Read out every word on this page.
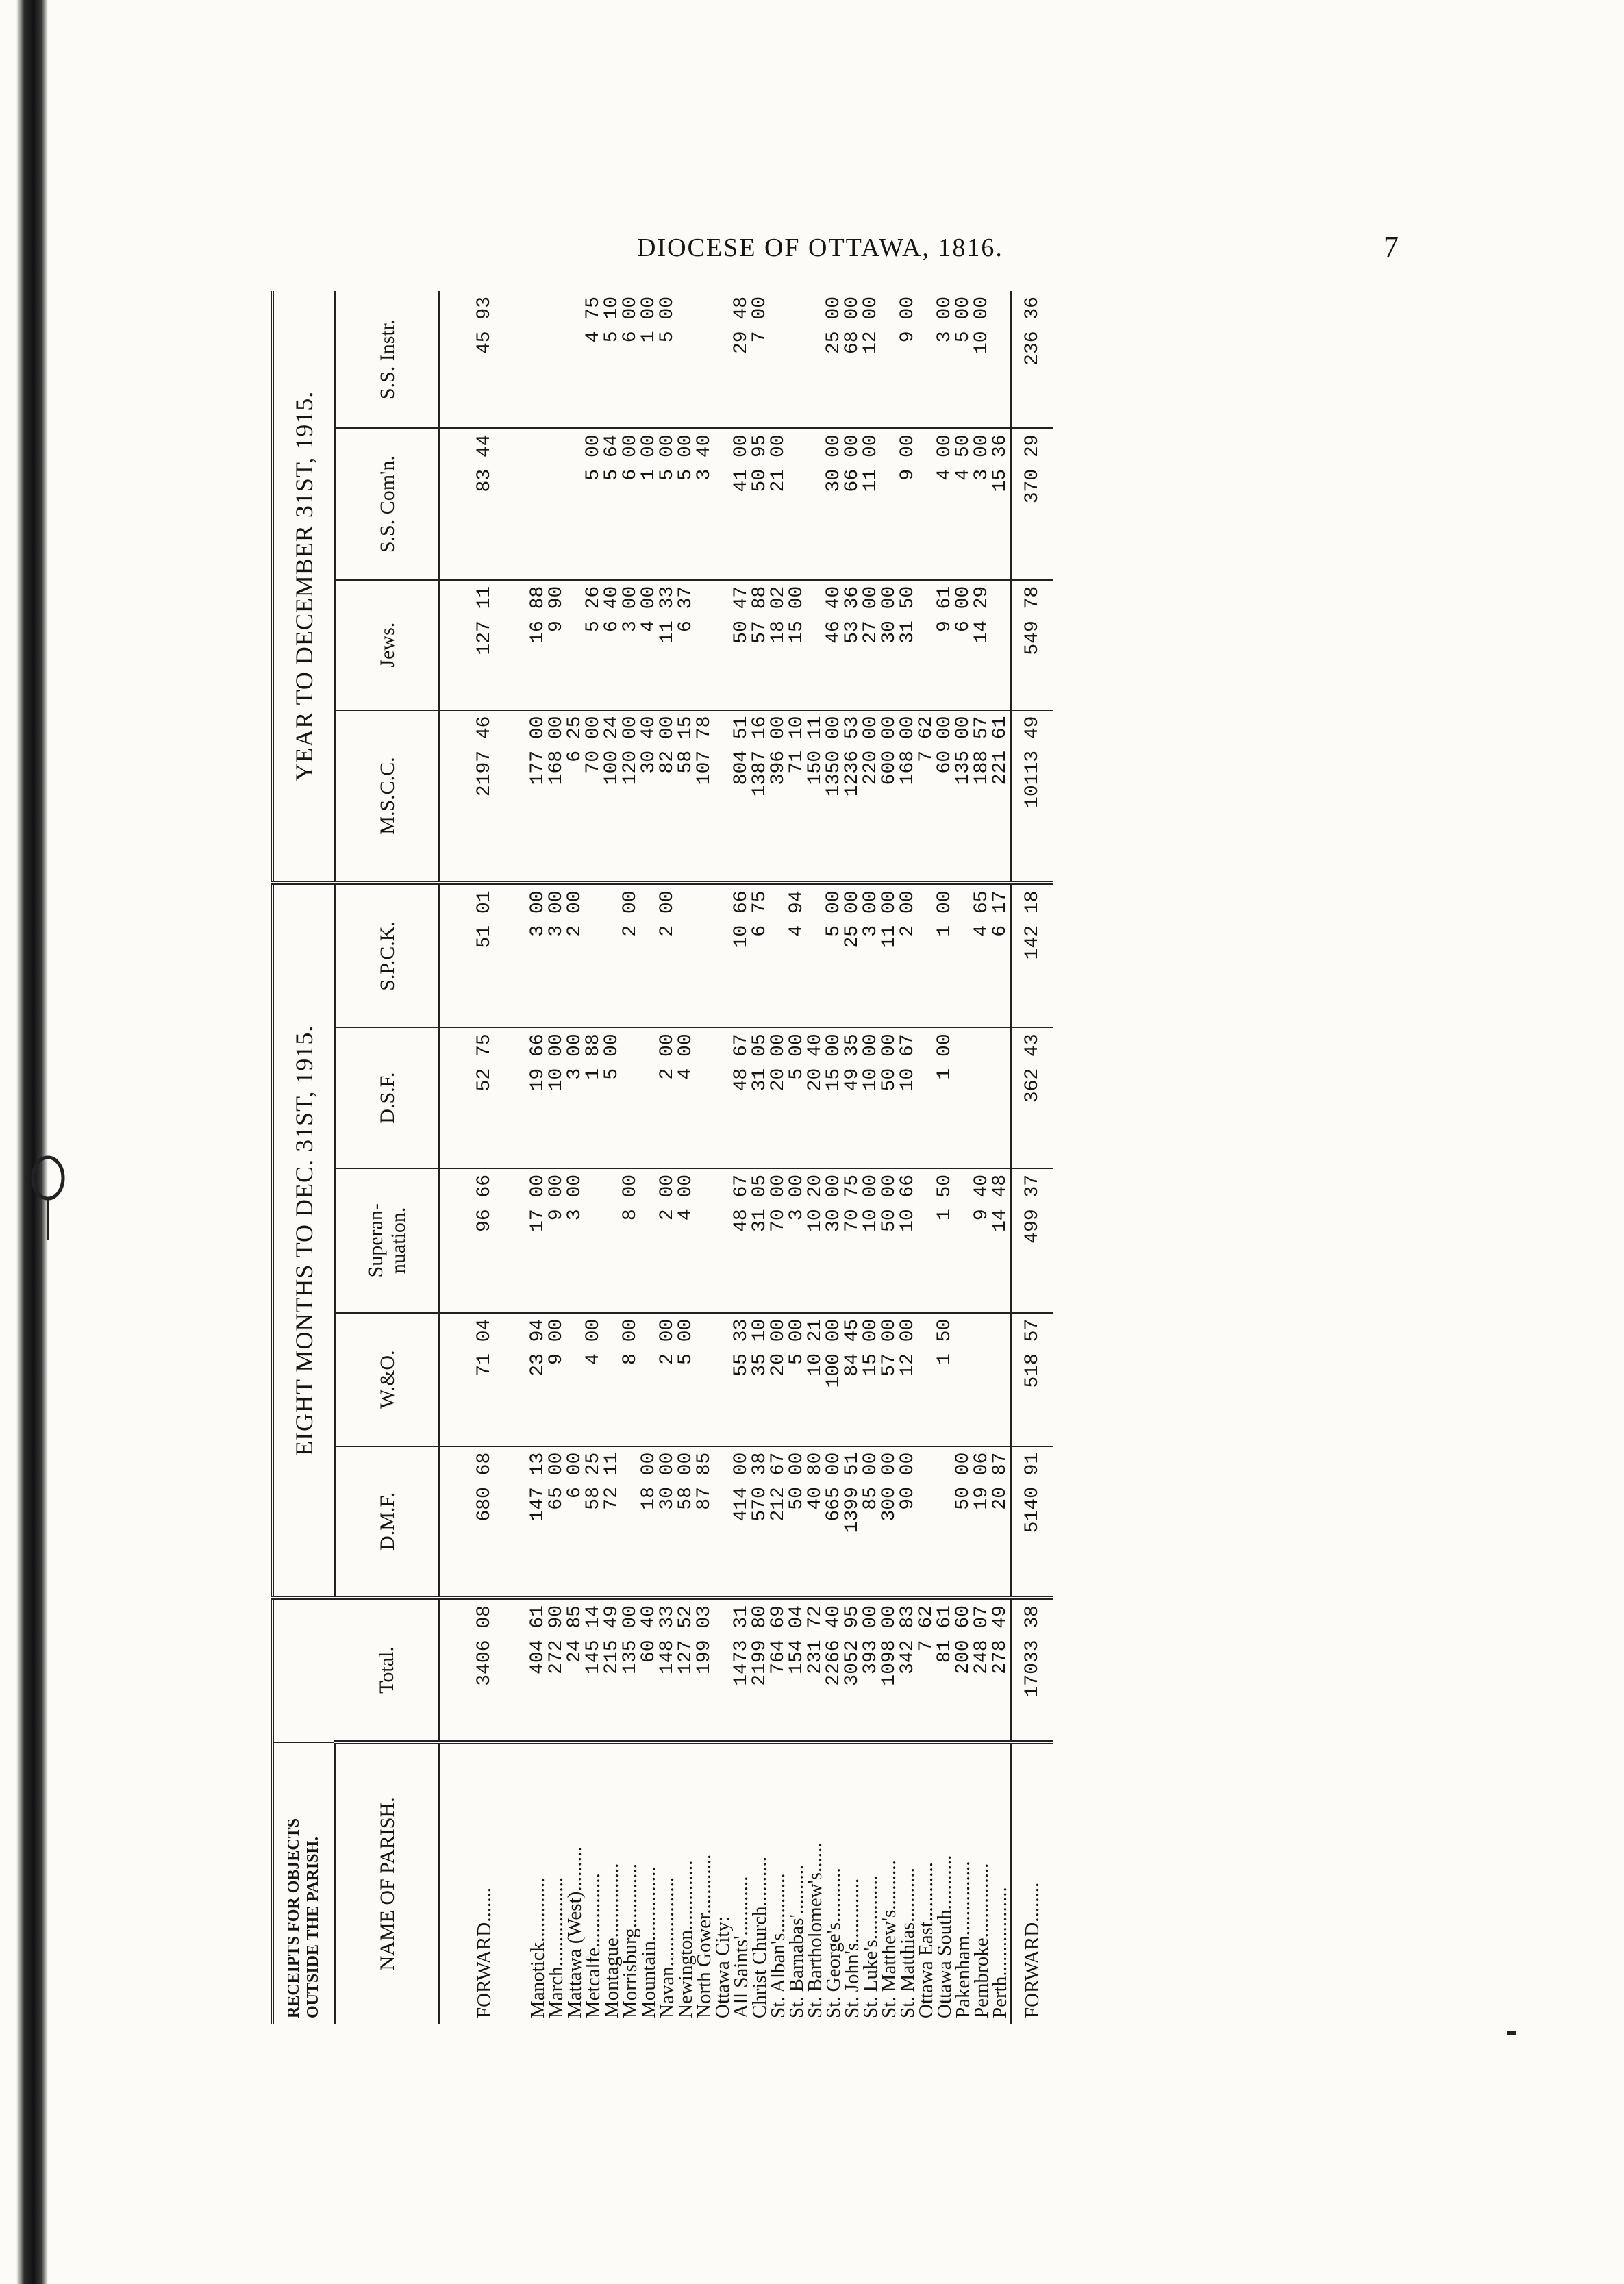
DIOCESE OF OTTAWA, 1816.	7
RECEIPTS FOR OBJECTS OUTSIDE THE PARISH.		EIGHT MONTHS TO DEC. 31ST, 1915.					YEAR TO DECEMBER 31ST, 1915.			
NAME OF PARISH.	Total.	D.M.F.	W.&O.	Superan-nuation.	D.S.F.	S.P.C.K.	M.S.C.C.	Jews.	S.S. Com'n.	S.S. Instr.
FORWARD.......	3406 08	680 68	71 04	96 66	52 75	51 01	2197 46	127 11	83 44	45 93
Manotick.............	404 61	147 13	23 94	17 00	19 66	3 00	177 00	16 88		
March..................	272 90	65 00	9 00	9 00	10 00	3 00	168 00	9 90		
Mattawa (West).........	24 85	6 00		3 00	3 00	2 00	6 25			
Metcalfe...............	145 14	58 25	4 00		1 88		70 00	5 26	5 00	4 75
Montague...............	215 49	72 11			5 00		100 24	6 40	5 64	5 10
Morrisburg.............	135 00		8 00	8 00		2 00	120 00	3 00	6 00	6 00
Mountain...............	60 40	18 00					30 40	4 00	1 00	1 00
Navan..................	148 33	30 00	2 00	2 00	2 00	2 00	82 00	11 33	5 00	5 00
Newington..............	127 52	58 00	5 00	4 00	4 00		58 15	6 37	5 00	
North Gower............	199 03	87 85					107 78		3 40	
Ottawa City:										
All Saints'............	1473 31	414 00	55 33	48 67	48 67	10 66	804 51	50 47	41 00	29 48
Christ Church..........	2199 80	570 38	35 10	31 05	31 05	6 75	1387 16	57 88	50 95	7 00
St. Alban's............	764 69	212 67	20 00	70 00	20 00		396 00	18 02	21 00	
St. Barnabas'..........	154 04	50 00	5 00	3 00	5 00	4 94	71 10	15 00		
St. Bartholomew's......	231 72	40 80	10 21	10 20	20 40		150 11			
St. George's...........	2266 40	665 00	100 00	30 00	15 00	5 00	1350 00	46 40	30 00	25 00
St. John's.............	3052 95	1399 51	84 45	70 75	49 35	25 00	1236 53	53 36	66 00	68 00
St. Luke's.............	393 00	85 00	15 00	10 00	10 00	3 00	220 00	27 00	11 00	12 00
St. Matthew's..........	1098 00	300 00	57 00	50 00	50 00	11 00	600 00	30 00		
St. Matthias...........	342 83	90 00	12 00	10 66	10 67	2 00	168 00	31 50	9 00	9 00
Ottawa East............	7 62						7 62			
Ottawa South...........	81 61		1 50	1 50	1 00	1 00	60 00	9 61	4 00	3 00
Pakenham...............	200 60	50 00					135 00	6 00	4 50	5 00
Pembroke...............	248 07	19 06		9 40		4 65	188 57	14 29	3 00	10 00
Perth..................	278 49	20 87		14 48		6 17	221 61		15 36	
FORWARD........	17033 38	5140 91	518 57	499 37	362 43	142 18	10113 49	549 78	370 29	236 36
